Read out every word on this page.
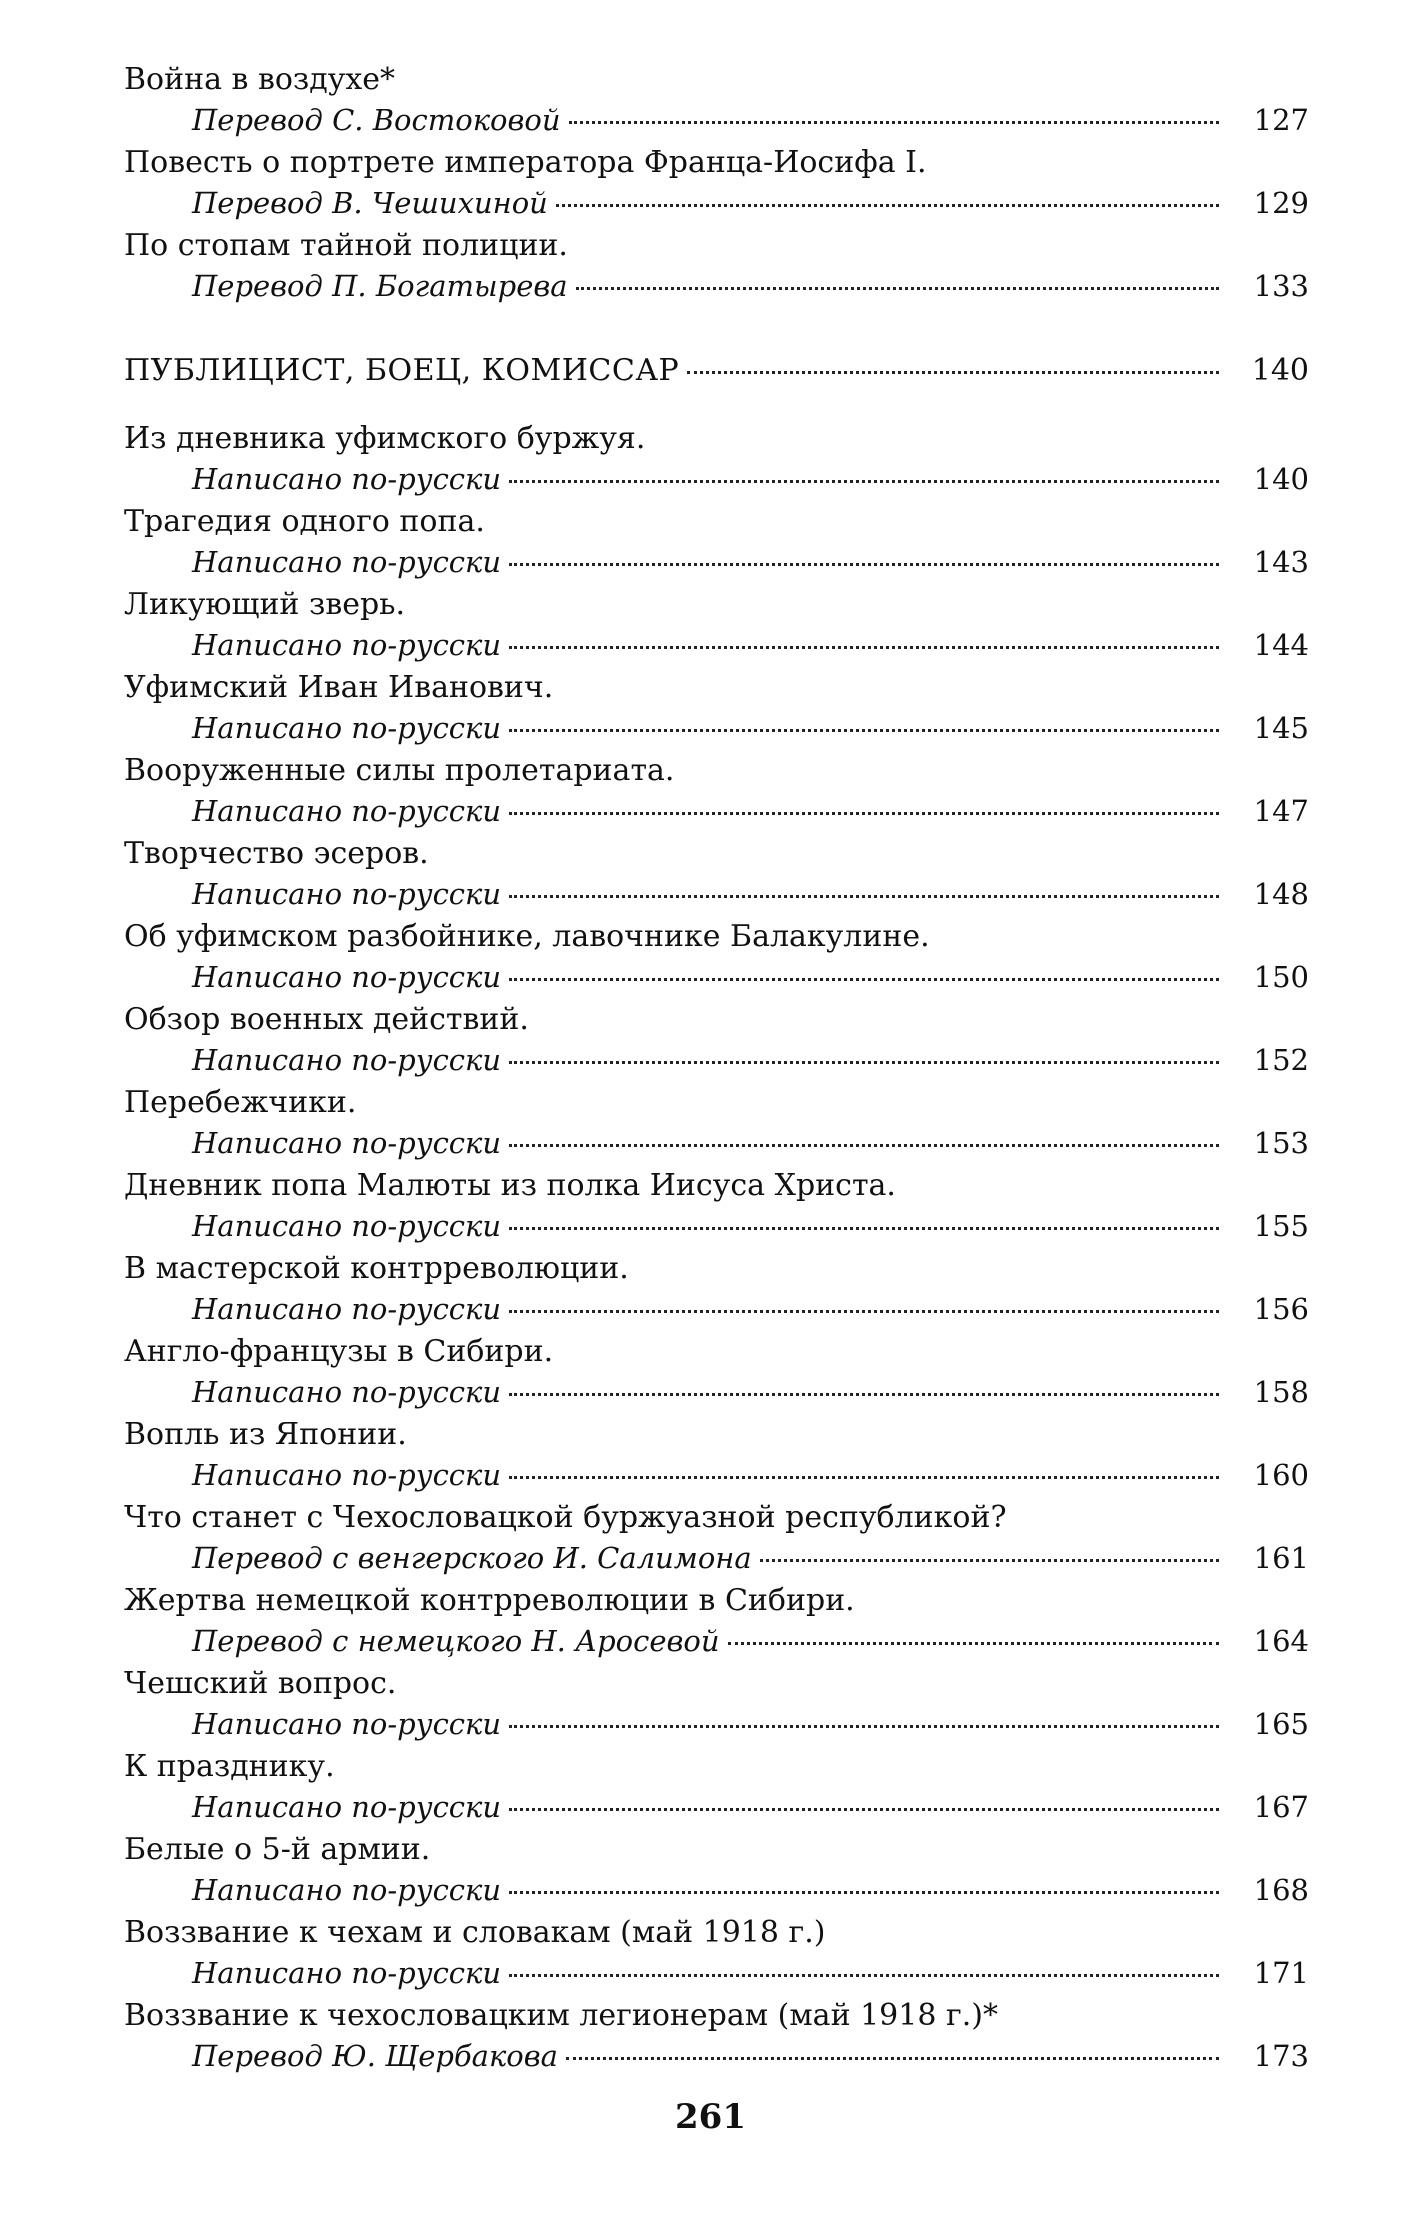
Война в воздухе*
Перевод С. Востоковой	127
Повесть о портрете императора Франца-Иосифа I.
Перевод В. Чешихиной	129
По стопам тайной полиции.
Перевод П. Богатырева	133
ПУБЛИЦИСТ, БОЕЦ, КОМИССАР	140
Из дневника уфимского буржуя.
Написано по-русски	140
Трагедия одного попа.
Написано по-русски	143
Ликующий зверь.
Написано по-русски	144
Уфимский Иван Иванович.
Написано по-русски	145
Вооруженные силы пролетариата.
Написано по-русски	147
Творчество эсеров.
Написано по-русски	148
Об уфимском разбойнике, лавочнике Балакулине.
Написано по-русски	150
Обзор военных действий.
Написано по-русски	152
Перебежчики.
Написано по-русски	153
Дневник попа Малюты из полка Иисуса Христа.
Написано по-русски	155
В мастерской контрреволюции.
Написано по-русски	156
Англо-французы в Сибири.
Написано по-русски	158
Вопль из Японии.
Написано по-русски	160
Что станет с Чехословацкой буржуазной республикой?
Перевод с венгерского И. Салимона	161
Жертва немецкой контрреволюции в Сибири.
Перевод с немецкого Н. Аросевой	164
Чешский вопрос.
Написано по-русски	165
К празднику.
Написано по-русски	167
Белые о 5-й армии.
Написано по-русски	168
Воззвание к чехам и словакам (май 1918 г.)
Написано по-русски	171
Воззвание к чехословацким легионерам (май 1918 г.)*
Перевод Ю. Щербакова	173
261
